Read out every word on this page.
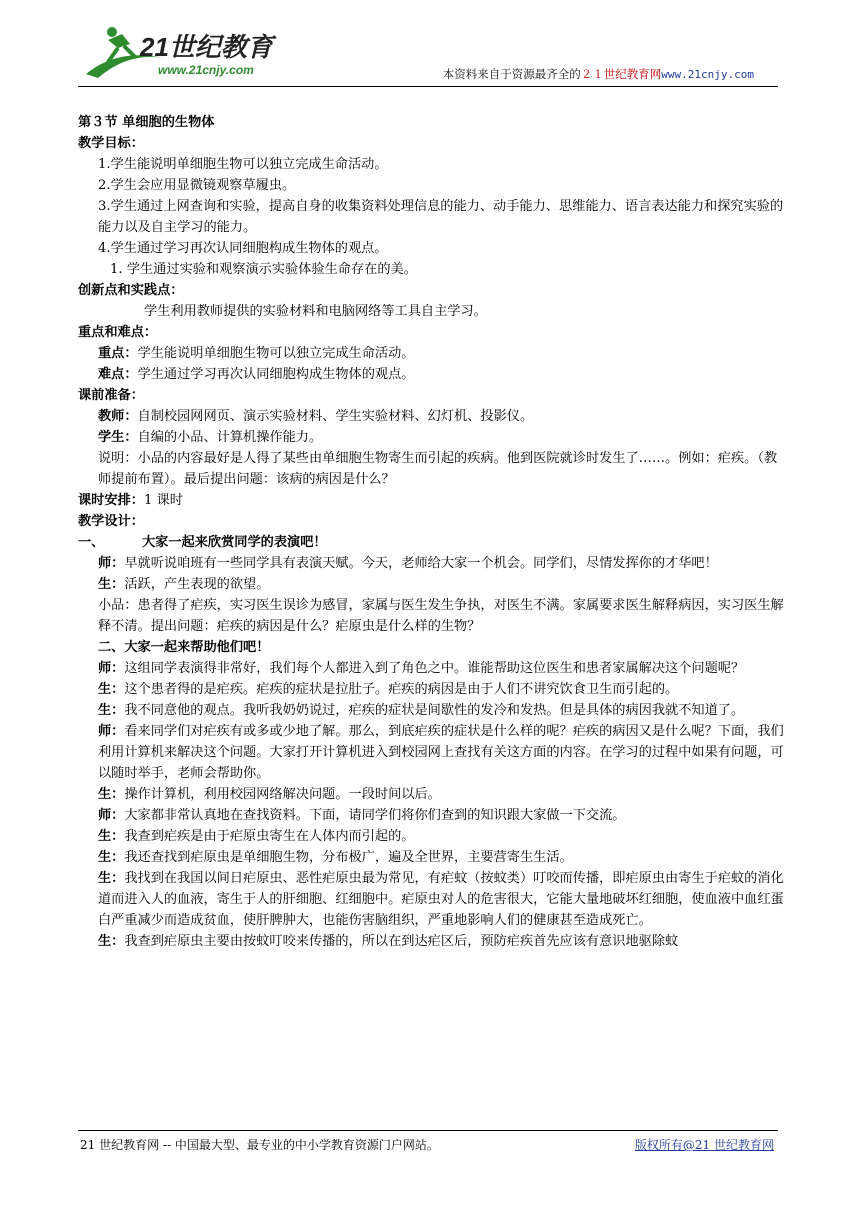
21世纪教育
www.21cnjy.com	本资料来自于资源最齐全的２１世纪教育网www.21cnjy.com

第３节 单细胞的生物体

教学目标：

1.学生能说明单细胞生物可以独立完成生命活动。

2.学生会应用显微镜观察草履虫。

3.学生通过上网查询和实验，提高自身的收集资料处理信息的能力、动手能力、思维能力、语言表达能力和探究实验的能力以及自主学习的能力。

4.学生通过学习再次认同细胞构成生物体的观点。

1. 学生通过实验和观察演示实验体验生命存在的美。

创新点和实践点：

学生利用教师提供的实验材料和电脑网络等工具自主学习。

重点和难点：

重点：学生能说明单细胞生物可以独立完成生命活动。

难点：学生通过学习再次认同细胞构成生物体的观点。

课前准备：

教师：自制校园网网页、演示实验材料、学生实验材料、幻灯机、投影仪。

学生：自编的小品、计算机操作能力。

说明：小品的内容最好是人得了某些由单细胞生物寄生而引起的疾病。他到医院就诊时发生了……。例如：疟疾。（教师提前布置）。最后提出问题：该病的病因是什么？

课时安排：1 课时

教学设计：

一、	大家一起来欣赏同学的表演吧！

师：早就听说咱班有一些同学具有表演天赋。今天，老师给大家一个机会。同学们，尽情发挥你的才华吧！

生：活跃，产生表现的欲望。

小品：患者得了疟疾，实习医生误诊为感冒，家属与医生发生争执，对医生不满。家属要求医生解释病因，实习医生解释不清。提出问题：疟疾的病因是什么？疟原虫是什么样的生物？

二、大家一起来帮助他们吧！

师：这组同学表演得非常好，我们每个人都进入到了角色之中。谁能帮助这位医生和患者家属解决这个问题呢？

生：这个患者得的是疟疾。疟疾的症状是拉肚子。疟疾的病因是由于人们不讲究饮食卫生而引起的。

生：我不同意他的观点。我听我奶奶说过，疟疾的症状是间歇性的发冷和发热。但是具体的病因我就不知道了。

师：看来同学们对疟疾有或多或少地了解。那么，到底疟疾的症状是什么样的呢？疟疾的病因又是什么呢？下面，我们利用计算机来解决这个问题。大家打开计算机进入到校园网上查找有关这方面的内容。在学习的过程中如果有问题，可以随时举手，老师会帮助你。

生：操作计算机，利用校园网络解决问题。一段时间以后。

师：大家都非常认真地在查找资料。下面，请同学们将你们查到的知识跟大家做一下交流。

生：我查到疟疾是由于疟原虫寄生在人体内而引起的。

生：我还查找到疟原虫是单细胞生物，分布极广，遍及全世界，主要营寄生生活。

生：我找到在我国以间日疟原虫、恶性疟原虫最为常见，有疟蚊（按蚊类）叮咬而传播，即疟原虫由寄生于疟蚊的消化道而进入人的血液，寄生于人的肝细胞、红细胞中。疟原虫对人的危害很大，它能大量地破坏红细胞，使血液中血红蛋白严重减少而造成贫血，使肝脾肿大，也能伤害脑组织，严重地影响人们的健康甚至造成死亡。

生：我查到疟原虫主要由按蚊叮咬来传播的，所以在到达疟区后，预防疟疾首先应该有意识地驱除蚊

21 世纪教育网 -- 中国最大型、最专业的中小学教育资源门户网站。	版权所有@21 世纪教育网
